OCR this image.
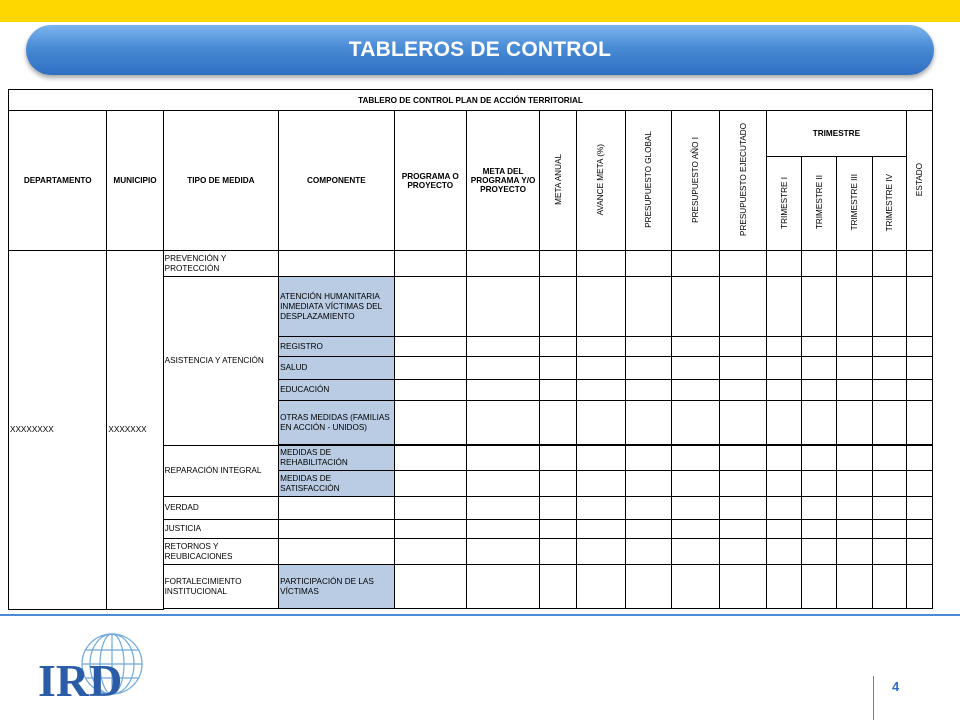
TABLEROS DE CONTROL
TABLERO DE CONTROL PLAN DE ACCIÓN TERRITORIAL															
DEPARTAMENTO	MUNICIPIO	TIPO DE MEDIDA	COMPONENTE	PROGRAMA O PROYECTO	META DEL PROGRAMA Y/O PROYECTO	META ANUAL	AVANCE META (%)	PRESUPUESTO GLOBAL	PRESUPUESTO AÑO I	PRESUPUESTO EJECUTADO	TRIMESTRE				ESTADO
											TRIMESTRE I	TRIMESTRE II	TRIMESTRE III	TRIMESTRE IV	
XXXXXXXX	XXXXXXX	PREVENCIÓN Y PROTECCIÓN													
		ASISTENCIA Y ATENCIÓN	ATENCIÓN HUMANITARIA INMEDIATA VÍCTIMAS DEL DESPLAZAMIENTO												
			REGISTRO												
			SALUD												
			EDUCACIÓN												
			OTRAS MEDIDAS (FAMILIAS EN ACCIÓN - UNIDOS)												

		REPARACIÓN INTEGRAL	MEDIDAS DE REHABILITACIÓN												
			MEDIDAS DE SATISFACCIÓN												
		VERDAD													
		JUSTICIA													
		RETORNOS Y REUBICACIONES													
		FORTALECIMIENTO INSTITUCIONAL	PARTICIPACIÓN DE LAS VÍCTIMAS												

IRD	4
